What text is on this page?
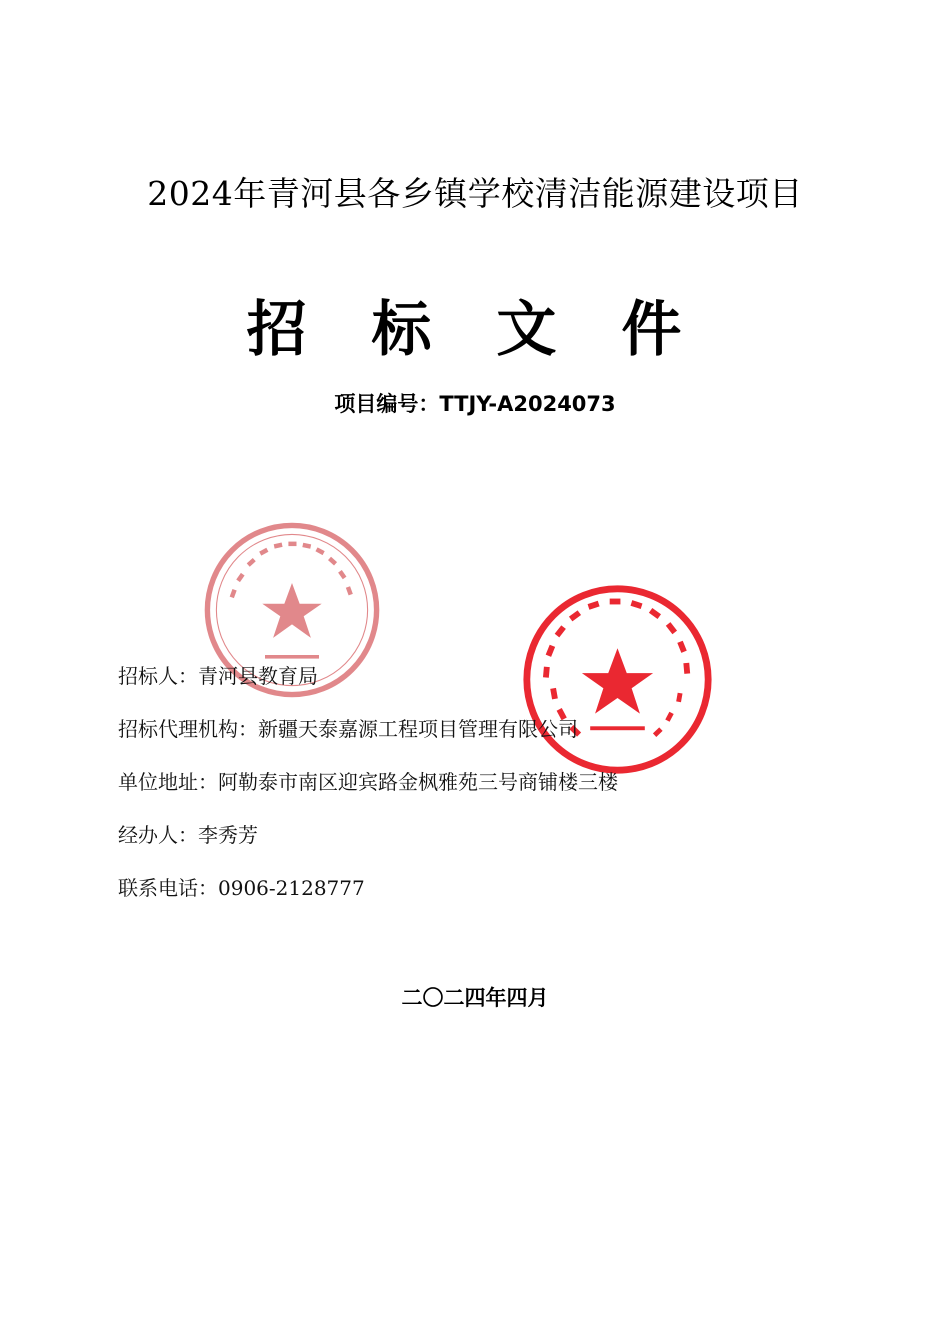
2024年青河县各乡镇学校清洁能源建设项目
招 标 文 件
项目编号：TTJY-A2024073
招标人：青河县教育局
招标代理机构：新疆天泰嘉源工程项目管理有限公司
单位地址：阿勒泰市南区迎宾路金枫雅苑三号商铺楼三楼
经办人：李秀芳
联系电话：0906-2128777
二〇二四年四月
